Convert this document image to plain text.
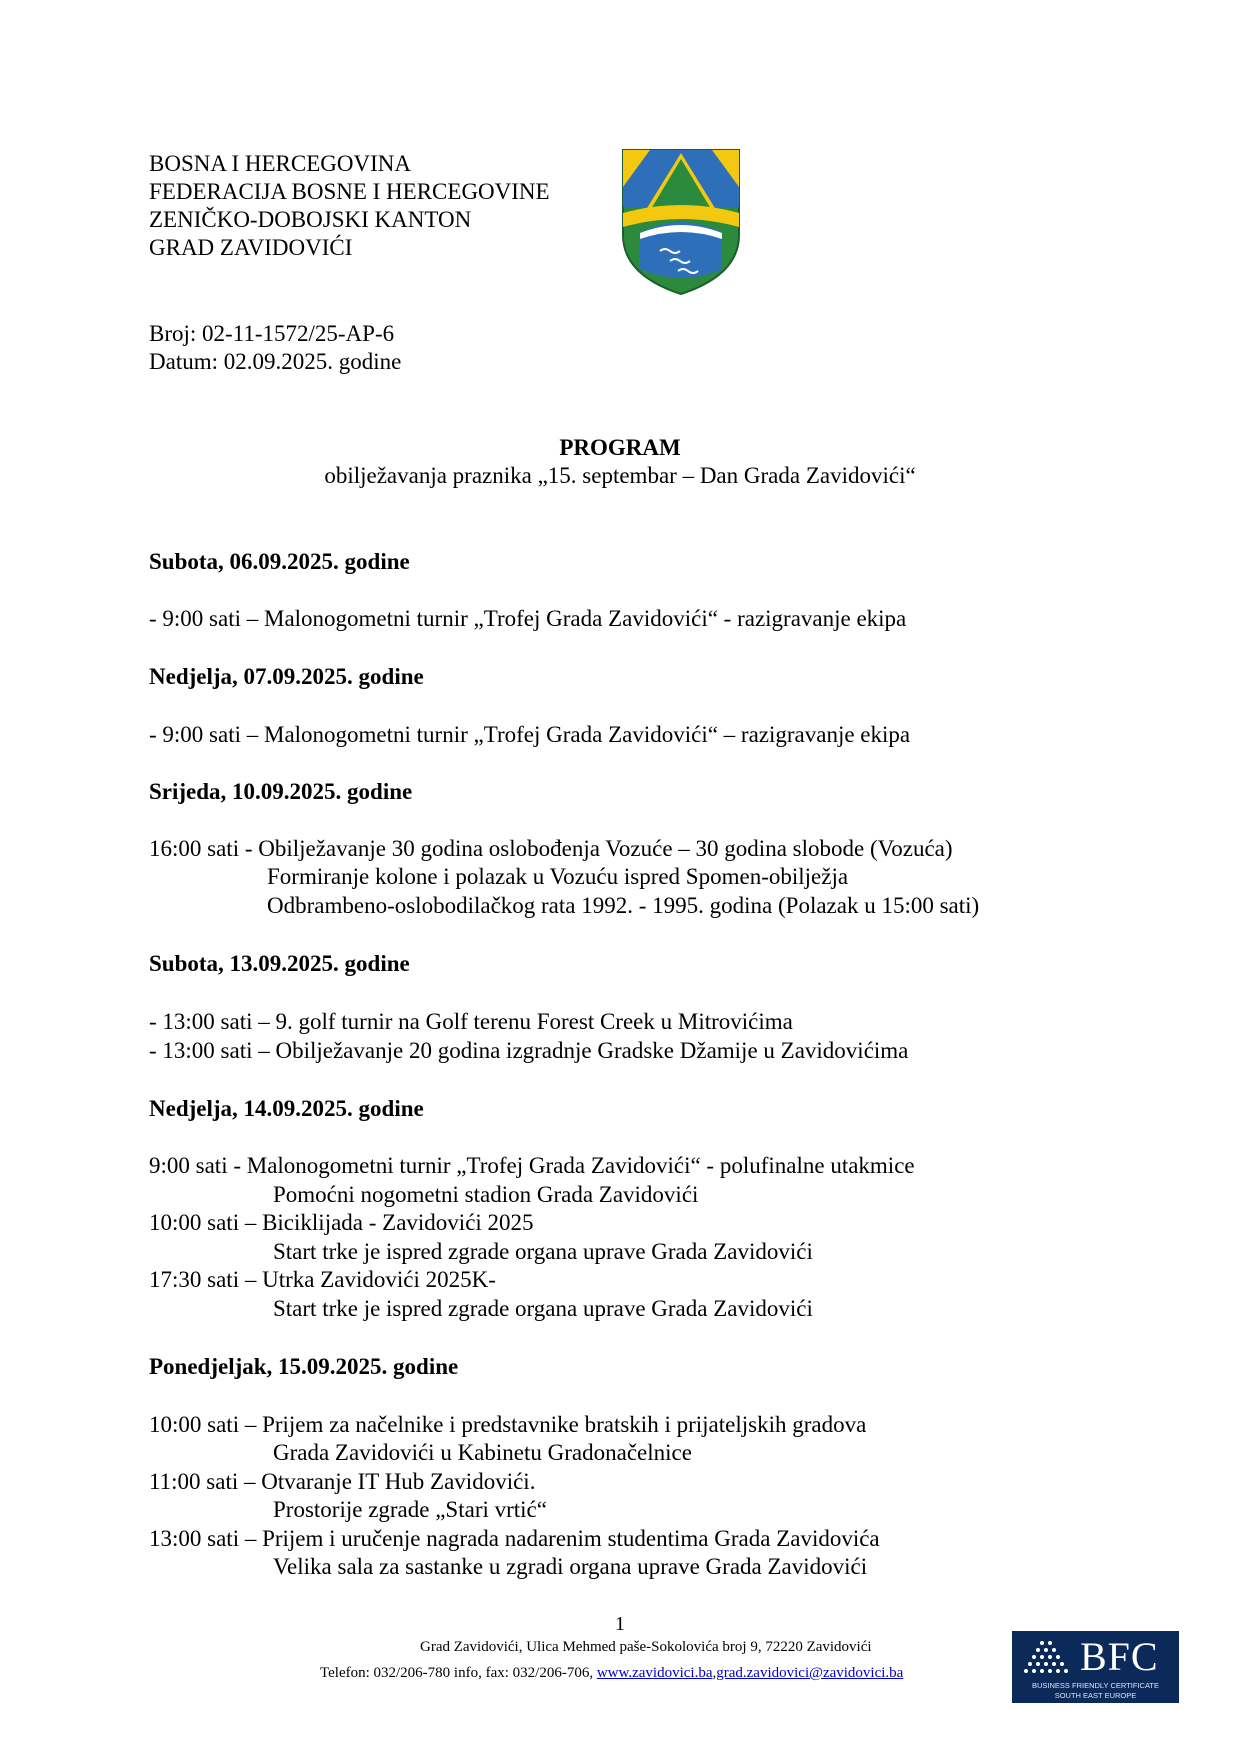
BOSNA I HERCEGOVINA
FEDERACIJA BOSNE I HERCEGOVINE
ZENIČKO-DOBOJSKI KANTON
GRAD ZAVIDOVIĆI
Broj: 02-11-1572/25-AP-6
Datum: 02.09.2025. godine
PROGRAM
obilježavanja praznika „15. septembar – Dan Grada Zavidovići“
Subota, 06.09.2025. godine
- 9:00 sati – Malonogometni turnir „Trofej Grada Zavidovići“ - razigravanje ekipa
Nedjelja, 07.09.2025. godine
- 9:00 sati – Malonogometni turnir „Trofej Grada Zavidovići“ – razigravanje ekipa
Srijeda, 10.09.2025. godine
16:00 sati - Obilježavanje 30 godina oslobođenja Vozuće – 30 godina slobode (Vozuća)
Formiranje kolone i polazak u Vozuću ispred Spomen-obilježja
Odbrambeno-oslobodilačkog rata 1992. - 1995. godina (Polazak u 15:00 sati)
Subota, 13.09.2025. godine
- 13:00 sati – 9. golf turnir na Golf terenu Forest Creek u Mitrovićima
- 13:00 sati – Obilježavanje 20 godina izgradnje Gradske Džamije u Zavidovićima
Nedjelja, 14.09.2025. godine
9:00 sati - Malonogometni turnir „Trofej Grada Zavidovići“ - polufinalne utakmice
Pomoćni nogometni stadion Grada Zavidovići
10:00 sati – Biciklijada - Zavidovići 2025
Start trke je ispred zgrade organa uprave Grada Zavidovići
17:30 sati – Utrka Zavidovići 2025K-
Start trke je ispred zgrade organa uprave Grada Zavidovići
Ponedjeljak, 15.09.2025. godine
10:00 sati – Prijem za načelnike i predstavnike bratskih i prijateljskih gradova
Grada Zavidovići u Kabinetu Gradonačelnice
11:00 sati – Otvaranje IT Hub Zavidovići.
Prostorije zgrade „Stari vrtić“
13:00 sati – Prijem i uručenje nagrada nadarenim studentima Grada Zavidovića
Velika sala za sastanke u zgradi organa uprave Grada Zavidovići
1
Grad Zavidovići, Ulica Mehmed paše-Sokolovića broj 9, 72220 Zavidovići
Telefon: 032/206-780 info, fax: 032/206-706, www.zavidovici.ba,grad.zavidovici@zavidovici.ba	BFC
BUSINESS FRIENDLY CERTIFICATE
SOUTH EAST EUROPE
